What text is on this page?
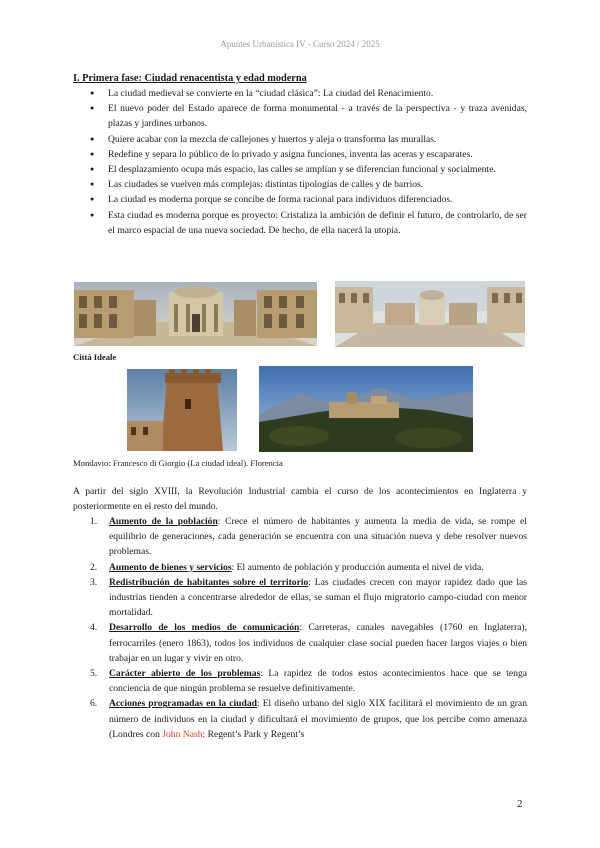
Apuntes Urbanística IV - Curso 2024 / 2025
I. Primera fase: Ciudad renacentista y edad moderna
● La ciudad medieval se convierte en la “ciudad clásica”: La ciudad del Renacimiento.
● El nuevo poder del Estado aparece de forma monumental - a través de la perspectiva - y traza avenidas, plazas y jardines urbanos.
● Quiere acabar con la mezcla de callejones y huertos y aleja o transforma las murallas.
● Redefine y separa lo público de lo privado y asigna funciones, inventa las aceras y escaparates.
● El desplazamiento ocupa más espacio, las calles se amplían y se diferencian funcional y socialmente.
● Las ciudades se vuelven más complejas: distintas tipologías de calles y de barrios.
● La ciudad es moderna porque se concibe de forma racional para individuos diferenciados.
● Esta ciudad es moderna porque es proyecto: Cristaliza la ambición de definir el futuro, de controlarlo, de ser el marco espacial de una nueva sociedad. De hecho, de ella nacerá la utopía.
Città Ideale
Mondavio: Francesco di Giorgio (La ciudad ideal). Florencia
A partir del siglo XVIII, la Revolución Industrial cambia el curso de los acontecimientos en Inglaterra y posteriormente en el resto del mundo.
1. Aumento de la población: Crece el número de habitantes y aumenta la media de vida, se rompe el equilibrio de generaciones, cada generación se encuentra con una situación nueva y debe resolver nuevos problemas.
2. Aumento de bienes y servicios: El aumento de población y producción aumenta el nivel de vida.
3. Redistribución de habitantes sobre el territorio: Las ciudades crecen con mayor rapidez dado que las industrias tienden a concentrarse alrededor de ellas, se suman el flujo migratorio campo-ciudad con menor mortalidad.
4. Desarrollo de los medios de comunicación: Carreteras, canales navegables (1760 en Inglaterra), ferrocarriles (enero 1863), todos los individuos de cualquier clase social pueden hacer largos viajes o bien trabajar en un lugar y vivir en otro.
5. Carácter abierto de los problemas: La rapidez de todos estos acontecimientos hace que se tenga conciencia de que ningún problema se resuelve definitivamente.
6. Acciones programadas en la ciudad: El diseño urbano del siglo XIX facilitará el movimiento de un gran número de individuos en la ciudad y dificultará el movimiento de grupos, que los percibe como amenaza (Londres con John Nash: Regent’s Park y Regent’s
2
